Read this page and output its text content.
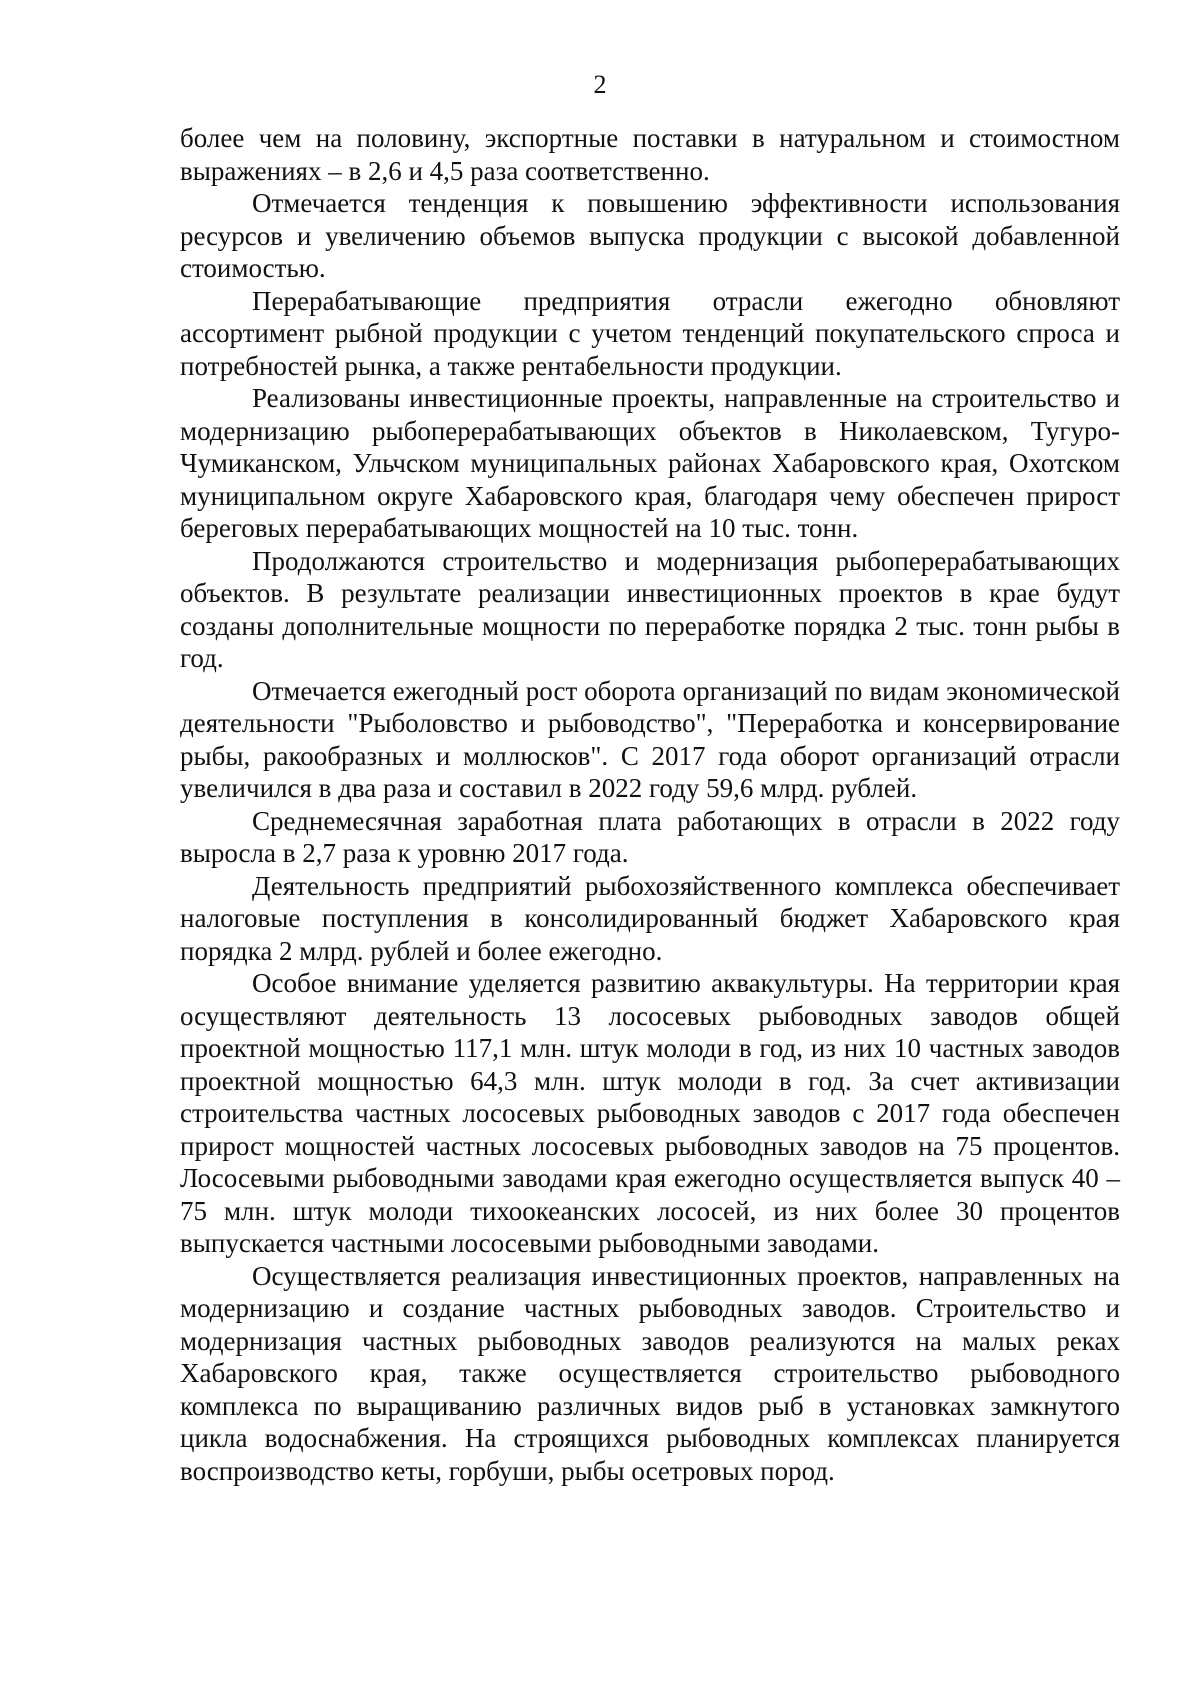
2

более чем на половину, экспортные поставки в натуральном и стоимостном выражениях – в 2,6 и 4,5 раза соответственно.

Отмечается тенденция к повышению эффективности использования ресурсов и увеличению объемов выпуска продукции с высокой добавленной стоимостью.

Перерабатывающие предприятия отрасли ежегодно обновляют ассортимент рыбной продукции с учетом тенденций покупательского спроса и потребностей рынка, а также рентабельности продукции.

Реализованы инвестиционные проекты, направленные на строительство и модернизацию рыбоперерабатывающих объектов в Николаевском, Тугуро-Чумиканском, Ульчском муниципальных районах Хабаровского края, Охотском муниципальном округе Хабаровского края, благодаря чему обеспечен прирост береговых перерабатывающих мощностей на 10 тыс. тонн.

Продолжаются строительство и модернизация рыбоперерабатывающих объектов. В результате реализации инвестиционных проектов в крае будут созданы дополнительные мощности по переработке порядка 2 тыс. тонн рыбы в год.

Отмечается ежегодный рост оборота организаций по видам экономической деятельности "Рыболовство и рыбоводство", "Переработка и консервирование рыбы, ракообразных и моллюсков". С 2017 года оборот организаций отрасли увеличился в два раза и составил в 2022 году 59,6 млрд. рублей.

Среднемесячная заработная плата работающих в отрасли в 2022 году выросла в 2,7 раза к уровню 2017 года.

Деятельность предприятий рыбохозяйственного комплекса обеспечивает налоговые поступления в консолидированный бюджет Хабаровского края порядка 2 млрд. рублей и более ежегодно.

Особое внимание уделяется развитию аквакультуры. На территории края осуществляют деятельность 13 лососевых рыбоводных заводов общей проектной мощностью 117,1 млн. штук молоди в год, из них 10 частных заводов проектной мощностью 64,3 млн. штук молоди в год. За счет активизации строительства частных лососевых рыбоводных заводов с 2017 года обеспечен прирост мощностей частных лососевых рыбоводных заводов на 75 процентов. Лососевыми рыбоводными заводами края ежегодно осуществляется выпуск 40 – 75 млн. штук молоди тихоокеанских лососей, из них более 30 процентов выпускается частными лососевыми рыбоводными заводами.

Осуществляется реализация инвестиционных проектов, направленных на модернизацию и создание частных рыбоводных заводов. Строительство и модернизация частных рыбоводных заводов реализуются на малых реках Хабаровского края, также осуществляется строительство рыбоводного комплекса по выращиванию различных видов рыб в установках замкнутого цикла водоснабжения. На строящихся рыбоводных комплексах планируется воспроизводство кеты, горбуши, рыбы осетровых пород.
